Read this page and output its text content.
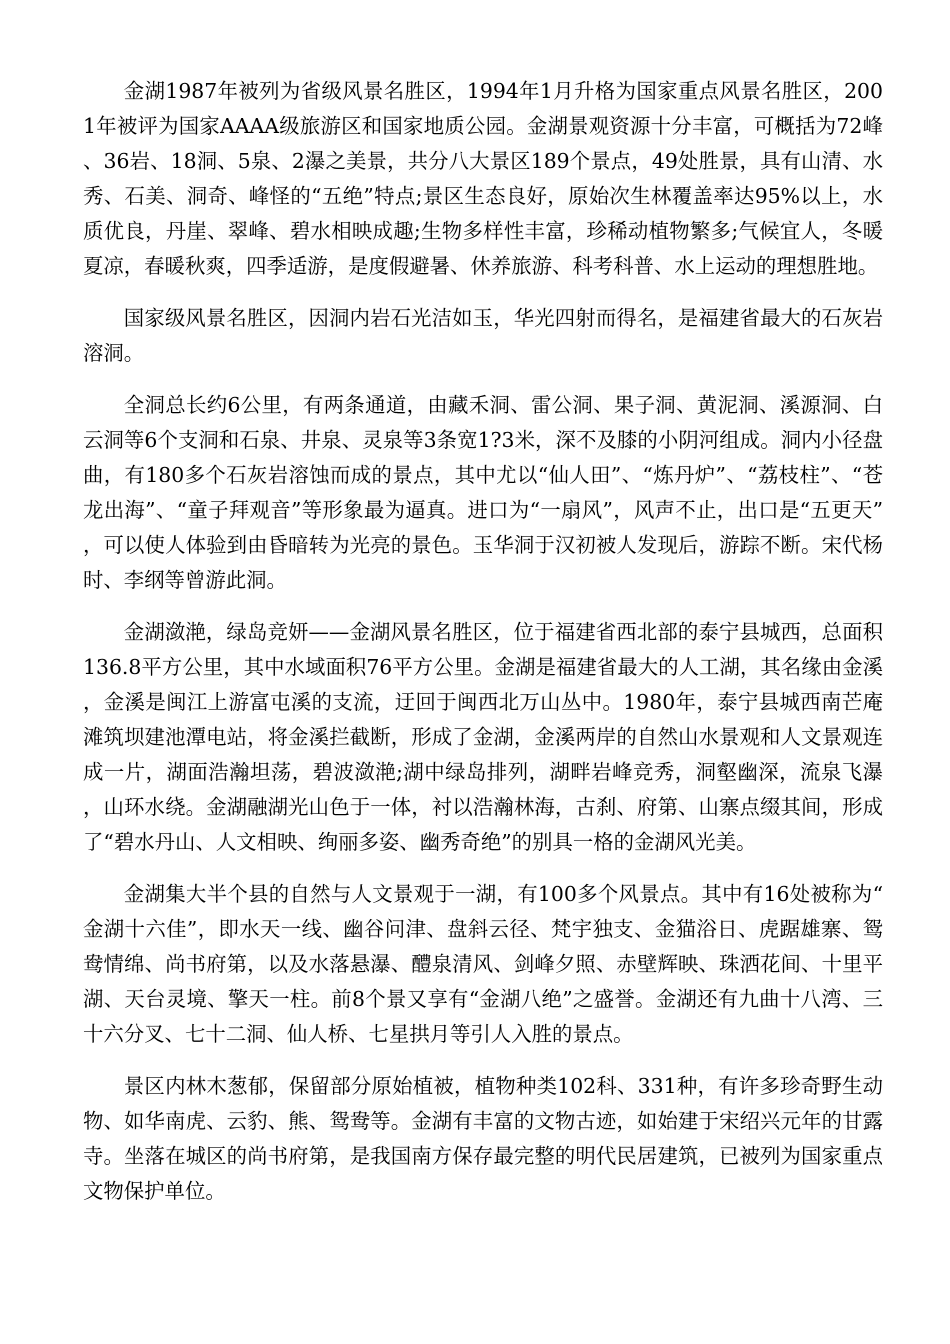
金湖1987年被列为省级风景名胜区，1994年1月升格为国家重点风景名胜区，2001年被评为国家AAAA级旅游区和国家地质公园。金湖景观资源十分丰富，可概括为72峰、36岩、18洞、5泉、2瀑之美景，共分八大景区189个景点，49处胜景，具有山清、水秀、石美、洞奇、峰怪的“五绝”特点;景区生态良好，原始次生林覆盖率达95%以上，水质优良，丹崖、翠峰、碧水相映成趣;生物多样性丰富，珍稀动植物繁多;气候宜人，冬暖夏凉，春暖秋爽，四季适游，是度假避暑、休养旅游、科考科普、水上运动的理想胜地。

国家级风景名胜区，因洞内岩石光洁如玉，华光四射而得名，是福建省最大的石灰岩溶洞。

全洞总长约6公里，有两条通道，由藏禾洞、雷公洞、果子洞、黄泥洞、溪源洞、白云洞等6个支洞和石泉、井泉、灵泉等3条宽1?3米，深不及膝的小阴河组成。洞内小径盘曲，有180多个石灰岩溶蚀而成的景点，其中尤以“仙人田”、“炼丹炉”、“荔枝柱”、“苍龙出海”、“童子拜观音”等形象最为逼真。进口为“一扇风”，风声不止，出口是“五更天”，可以使人体验到由昏暗转为光亮的景色。玉华洞于汉初被人发现后，游踪不断。宋代杨时、李纲等曾游此洞。

金湖潋滟，绿岛竞妍——金湖风景名胜区，位于福建省西北部的泰宁县城西，总面积136.8平方公里，其中水域面积76平方公里。金湖是福建省最大的人工湖，其名缘由金溪，金溪是闽江上游富屯溪的支流，迂回于闽西北万山丛中。1980年，泰宁县城西南芒庵滩筑坝建池潭电站，将金溪拦截断，形成了金湖，金溪两岸的自然山水景观和人文景观连成一片，湖面浩瀚坦荡，碧波潋滟;湖中绿岛排列，湖畔岩峰竞秀，洞壑幽深，流泉飞瀑，山环水绕。金湖融湖光山色于一体，衬以浩瀚林海，古刹、府第、山寨点缀其间，形成了“碧水丹山、人文相映、绚丽多姿、幽秀奇绝”的别具一格的金湖风光美。

金湖集大半个县的自然与人文景观于一湖，有100多个风景点。其中有16处被称为“金湖十六佳”，即水天一线、幽谷问津、盘斜云径、梵宇独支、金猫浴日、虎踞雄寨、鸳鸯情绵、尚书府第，以及水落悬瀑、醴泉清风、剑峰夕照、赤壁辉映、珠洒花间、十里平湖、天台灵境、擎天一柱。前8个景又享有“金湖八绝”之盛誉。金湖还有九曲十八湾、三十六分叉、七十二洞、仙人桥、七星拱月等引人入胜的景点。

景区内林木葱郁，保留部分原始植被，植物种类102科、331种，有许多珍奇野生动物、如华南虎、云豹、熊、鸳鸯等。金湖有丰富的文物古迹，如始建于宋绍兴元年的甘露寺。坐落在城区的尚书府第，是我国南方保存最完整的明代民居建筑，已被列为国家重点文物保护单位。
